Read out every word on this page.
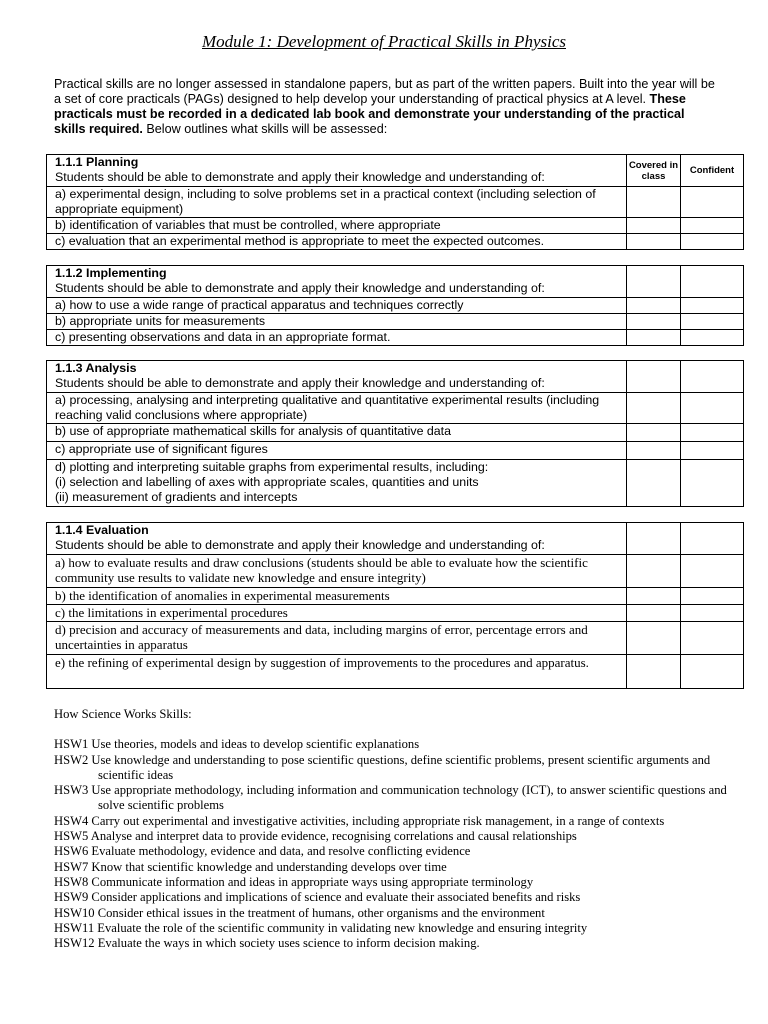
Module 1: Development of Practical Skills in Physics
Practical skills are no longer assessed in standalone papers, but as part of the written papers. Built into the year will be a set of core practicals (PAGs) designed to help develop your understanding of practical physics at A level. These practicals must be recorded in a dedicated lab book and demonstrate your understanding of the practical skills required. Below outlines what skills will be assessed:
1.1.1 Planning
Students should be able to demonstrate and apply their knowledge and understanding of:	Covered in class	Confident
a) experimental design, including to solve problems set in a practical context (including selection of appropriate equipment)		
b) identification of variables that must be controlled, where appropriate		
c) evaluation that an experimental method is appropriate to meet the expected outcomes.		
1.1.2 Implementing
Students should be able to demonstrate and apply their knowledge and understanding of:		

a) how to use a wide range of practical apparatus and techniques correctly		
b) appropriate units for measurements		
c) presenting observations and data in an appropriate format.		
1.1.3 Analysis
Students should be able to demonstrate and apply their knowledge and understanding of:		

a) processing, analysing and interpreting qualitative and quantitative experimental results (including reaching valid conclusions where appropriate)		
b) use of appropriate mathematical skills for analysis of quantitative data		
c) appropriate use of significant figures		
d) plotting and interpreting suitable graphs from experimental results, including:
(i) selection and labelling of axes with appropriate scales, quantities and units
(ii) measurement of gradients and intercepts		
1.1.4 Evaluation
Students should be able to demonstrate and apply their knowledge and understanding of:		

a) how to evaluate results and draw conclusions (students should be able to evaluate how the scientific community use results to validate new knowledge and ensure integrity)		
b) the identification of anomalies in experimental measurements		
c) the limitations in experimental procedures		
d) precision and accuracy of measurements and data, including margins of error, percentage errors and uncertainties in apparatus		
e) the refining of experimental design by suggestion of improvements to the procedures and apparatus.		
How Science Works Skills:
HSW1 Use theories, models and ideas to develop scientific explanations
HSW2 Use knowledge and understanding to pose scientific questions, define scientific problems, present scientific arguments and scientific ideas
HSW3 Use appropriate methodology, including information and communication technology (ICT), to answer scientific questions and solve scientific problems
HSW4 Carry out experimental and investigative activities, including appropriate risk management, in a range of contexts
HSW5 Analyse and interpret data to provide evidence, recognising correlations and causal relationships
HSW6 Evaluate methodology, evidence and data, and resolve conflicting evidence
HSW7 Know that scientific knowledge and understanding develops over time
HSW8 Communicate information and ideas in appropriate ways using appropriate terminology
HSW9 Consider applications and implications of science and evaluate their associated benefits and risks
HSW10 Consider ethical issues in the treatment of humans, other organisms and the environment
HSW11 Evaluate the role of the scientific community in validating new knowledge and ensuring integrity
HSW12 Evaluate the ways in which society uses science to inform decision making.
